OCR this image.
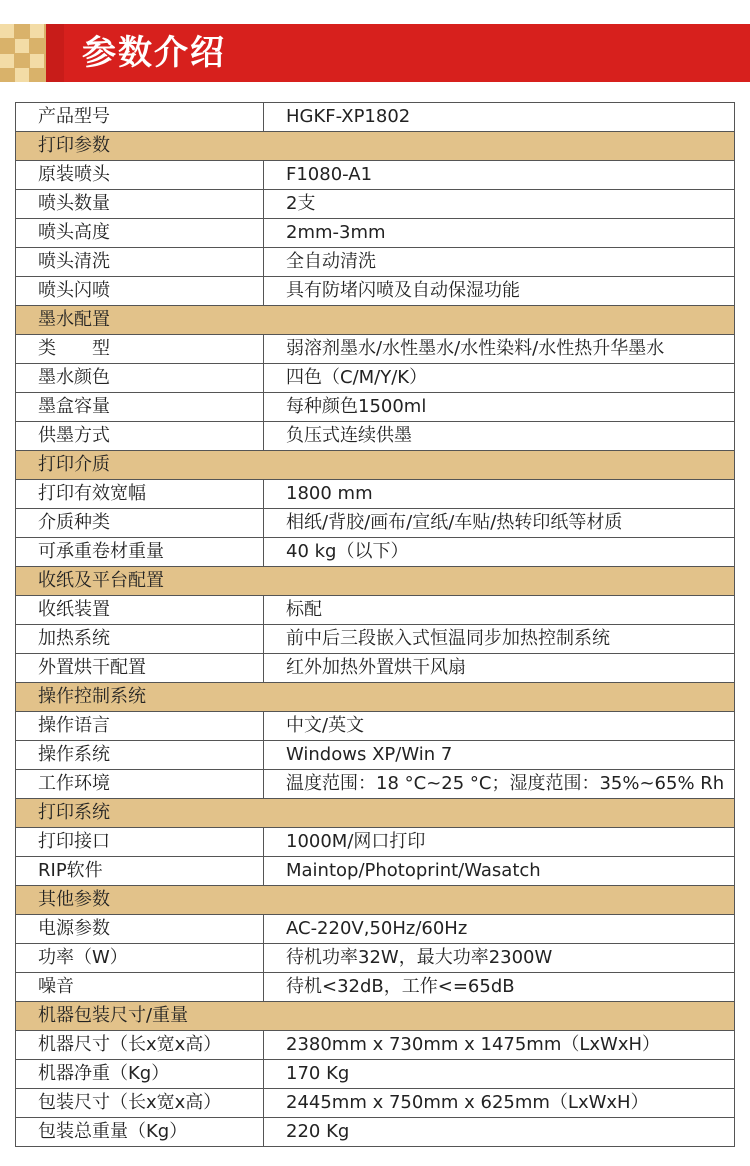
参数介绍
产品型号	HGKF-XP1802
打印参数	
原装喷头	F1080-A1
喷头数量	2支
喷头高度	2mm-3mm
喷头清洗	全自动清洗
喷头闪喷	具有防堵闪喷及自动保湿功能
墨水配置	
类　　型	弱溶剂墨水/水性墨水/水性染料/水性热升华墨水
墨水颜色	四色（C/M/Y/K）
墨盒容量	每种颜色1500ml
供墨方式	负压式连续供墨
打印介质	
打印有效宽幅	1800 mm
介质种类	相纸/背胶/画布/宣纸/车贴/热转印纸等材质
可承重卷材重量	40 kg（以下）
收纸及平台配置	
收纸装置	标配
加热系统	前中后三段嵌入式恒温同步加热控制系统
外置烘干配置	红外加热外置烘干风扇
操作控制系统	
操作语言	中文/英文
操作系统	Windows XP/Win 7
工作环境	温度范围：18 °C~25 °C；湿度范围：35%~65% Rh
打印系统	
打印接口	1000M/网口打印
RIP软件	Maintop/Photoprint/Wasatch
其他参数	
电源参数	AC-220V,50Hz/60Hz
功率（W）	待机功率32W，最大功率2300W
噪音	待机<32dB，工作<=65dB
机器包装尺寸/重量	
机器尺寸（长x宽x高）	2380mm x 730mm x 1475mm（LxWxH）
机器净重（Kg）	170 Kg
包装尺寸（长x宽x高）	2445mm x 750mm x 625mm（LxWxH）
包装总重量（Kg）	220 Kg
